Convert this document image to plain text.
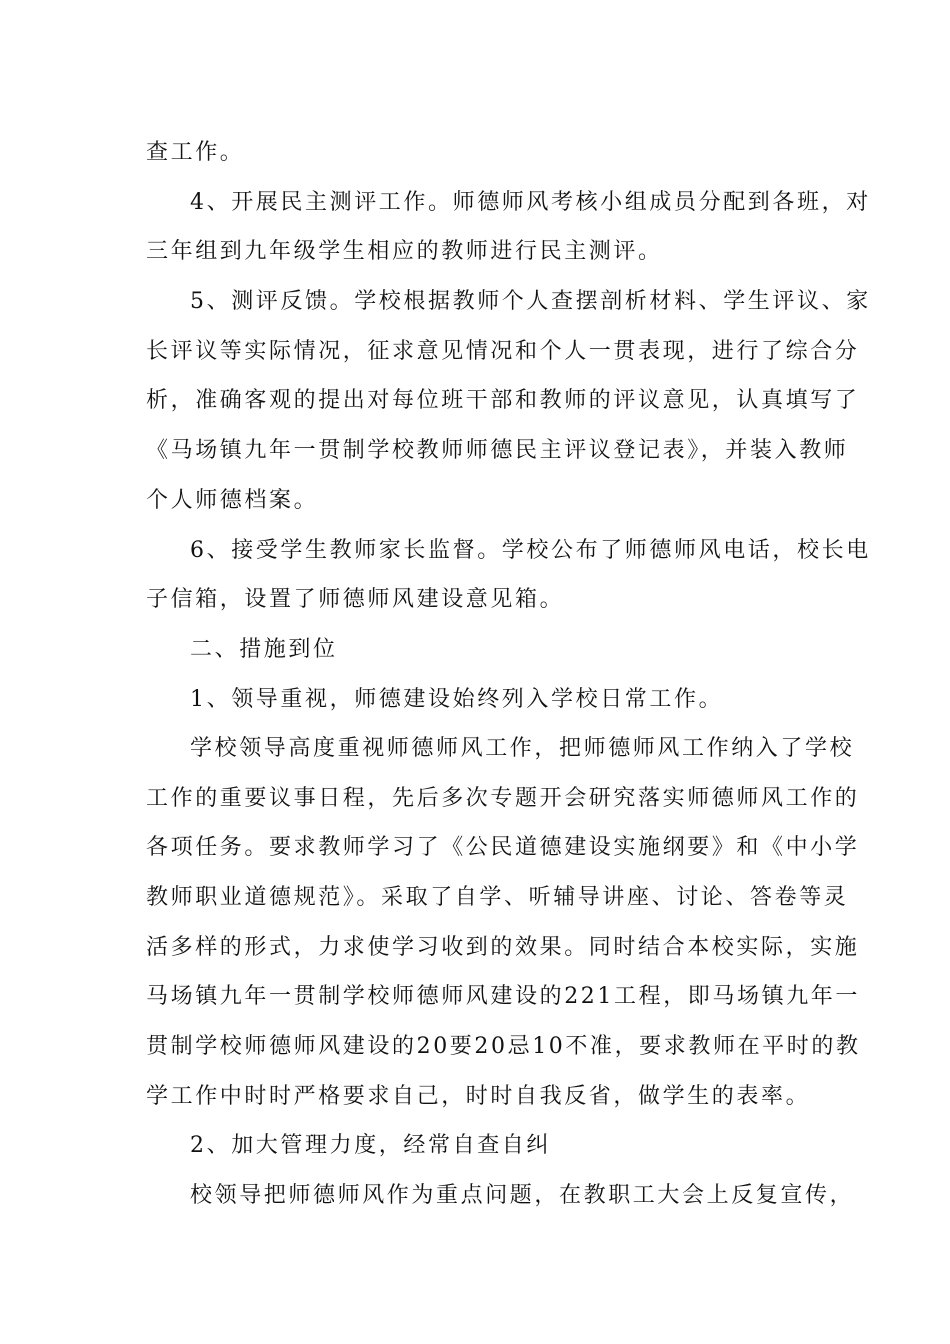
查工作。
4、开展民主测评工作。师德师风考核小组成员分配到各班，对
三年组到九年级学生相应的教师进行民主测评。
5、测评反馈。学校根据教师个人查摆剖析材料、学生评议、家
长评议等实际情况，征求意见情况和个人一贯表现，进行了综合分
析，准确客观的提出对每位班干部和教师的评议意见，认真填写了
《马场镇九年一贯制学校教师师德民主评议登记表》，并装入教师
个人师德档案。
6、接受学生教师家长监督。学校公布了师德师风电话，校长电
子信箱，设置了师德师风建设意见箱。
二、措施到位
1、领导重视，师德建设始终列入学校日常工作。
学校领导高度重视师德师风工作，把师德师风工作纳入了学校
工作的重要议事日程，先后多次专题开会研究落实师德师风工作的
各项任务。要求教师学习了《公民道德建设实施纲要》和《中小学
教师职业道德规范》。采取了自学、听辅导讲座、讨论、答卷等灵
活多样的形式，力求使学习收到的效果。同时结合本校实际，实施
马场镇九年一贯制学校师德师风建设的221工程，即马场镇九年一
贯制学校师德师风建设的20要20忌10不准，要求教师在平时的教
学工作中时时严格要求自己，时时自我反省，做学生的表率。
2、加大管理力度，经常自查自纠
校领导把师德师风作为重点问题，在教职工大会上反复宣传，
